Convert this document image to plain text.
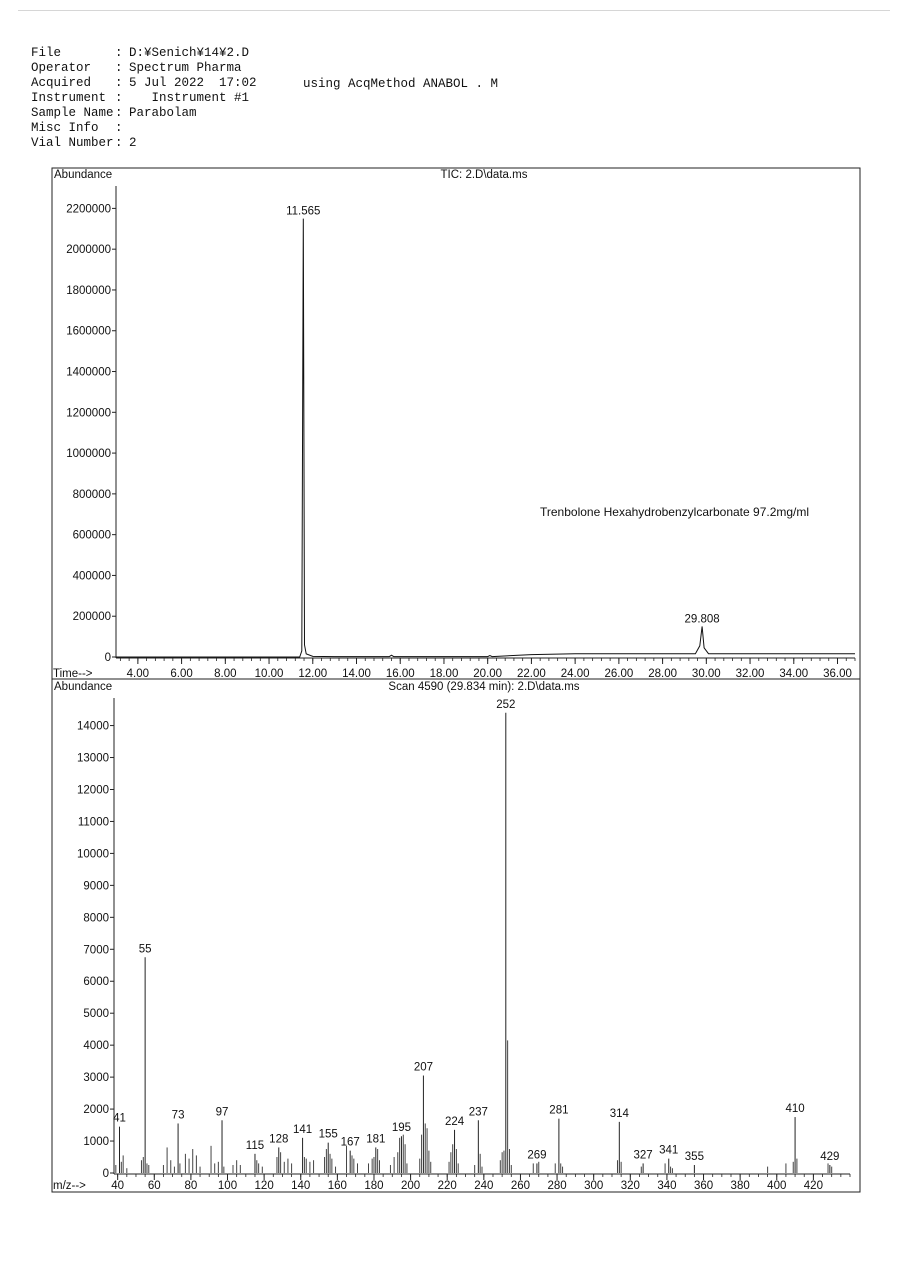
File	: D:¥Senich¥14¥2.D
Operator	: Spectrum Pharma
Acquired	: 5 Jul 2022  17:02
Instrument : Instrument #1
Sample Name : Parabolam
Misc Info	:
Vial Number : 2
using AcqMethod ANABOL . M
Abundance	TIC: 2.D\data.ms
Time-->
Trenbolone Hexahydrobenzylcarbonate 97.2mg/ml
0
200000
400000
600000
800000
1000000
1200000
1400000
1600000
1800000
2000000
2200000
4.00 6.00 8.00 10.00 12.00 14.00 16.00 18.00 20.00 22.00 24.00 26.00 28.00 30.00 32.00 34.00 36.00
11.565
29.808
Abundance	Scan 4590 (29.834 min): 2.D\data.ms
m/z-->
0
1000
2000
3000
4000
5000
6000
7000
8000
9000
10000
11000
12000
13000
14000
40 60 80 100 120 140 160 180 200 220 240 260 280 300 320 340 360 380 400 420
41
55
73	97
115
128
141 155
167 181
195
207
224
237
252
269
281	314
327 341
355
410
429
